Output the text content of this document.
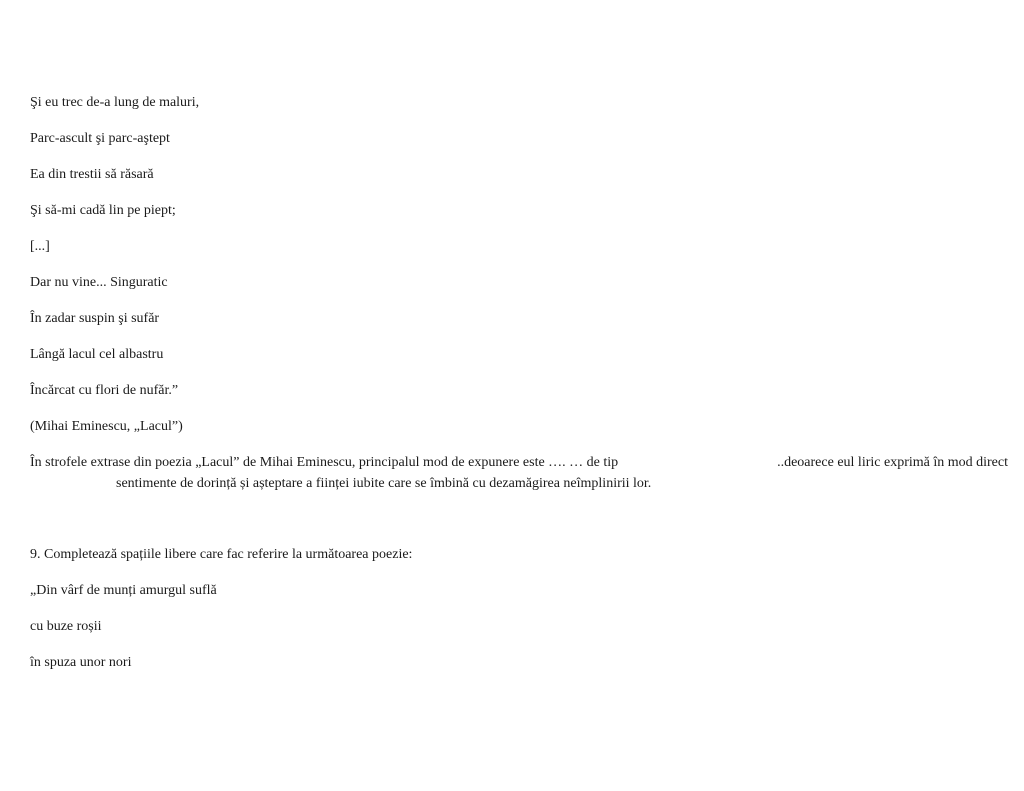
Şi eu trec de-a lung de maluri,
Parc-ascult şi parc-aştept
Ea din trestii să răsară
Şi să-mi cadă lin pe piept;
[...]
Dar nu vine... Singuratic
În zadar suspin şi sufăr
Lângă lacul cel albastru
Încărcat cu flori de nufăr.”
(Mihai Eminescu, „Lacul”)
În strofele extrase din poezia „Lacul” de Mihai Eminescu, principalul mod de expunere este …. … de tip	..deoarece eul liric exprimă în mod direct
sentimente de dorință și așteptare a ființei iubite care se îmbină cu dezamăgirea neîmplinirii lor.
9. Completează spațiile libere care fac referire la următoarea poezie:
„Din vârf de munți amurgul suflă
cu buze roșii
în spuza unor nori
